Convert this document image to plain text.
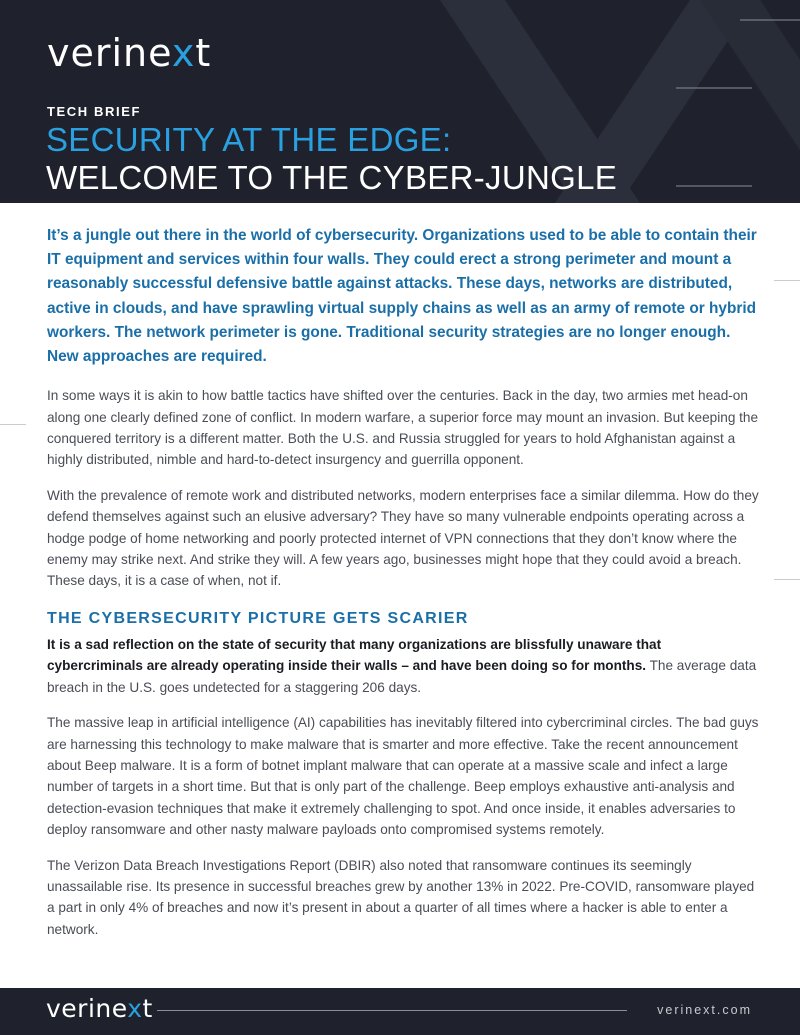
verinext
TECH BRIEF
SECURITY AT THE EDGE:
WELCOME TO THE CYBER-JUNGLE

It’s a jungle out there in the world of cybersecurity. Organizations used to be able to contain their IT equipment and services within four walls. They could erect a strong perimeter and mount a reasonably successful defensive battle against attacks. These days, networks are distributed, active in clouds, and have sprawling virtual supply chains as well as an army of remote or hybrid workers. The network perimeter is gone. Traditional security strategies are no longer enough. New approaches are required.

In some ways it is akin to how battle tactics have shifted over the centuries. Back in the day, two armies met head-on along one clearly defined zone of conflict. In modern warfare, a superior force may mount an invasion. But keeping the conquered territory is a different matter. Both the U.S. and Russia struggled for years to hold Afghanistan against a highly distributed, nimble and hard-to-detect insurgency and guerrilla opponent.

With the prevalence of remote work and distributed networks, modern enterprises face a similar dilemma. How do they defend themselves against such an elusive adversary? They have so many vulnerable endpoints operating across a hodge podge of home networking and poorly protected internet of VPN connections that they don’t know where the enemy may strike next. And strike they will. A few years ago, businesses might hope that they could avoid a breach. These days, it is a case of when, not if.

THE CYBERSECURITY PICTURE GETS SCARIER

It is a sad reflection on the state of security that many organizations are blissfully unaware that cybercriminals are already operating inside their walls – and have been doing so for months. The average data breach in the U.S. goes undetected for a staggering 206 days.

The massive leap in artificial intelligence (AI) capabilities has inevitably filtered into cybercriminal circles. The bad guys are harnessing this technology to make malware that is smarter and more effective. Take the recent announcement about Beep malware. It is a form of botnet implant malware that can operate at a massive scale and infect a large number of targets in a short time. But that is only part of the challenge. Beep employs exhaustive anti-analysis and detection-evasion techniques that make it extremely challenging to spot. And once inside, it enables adversaries to deploy ransomware and other nasty malware payloads onto compromised systems remotely.

The Verizon Data Breach Investigations Report (DBIR) also noted that ransomware continues its seemingly unassailable rise. Its presence in successful breaches grew by another 13% in 2022. Pre-COVID, ransomware played a part in only 4% of breaches and now it’s present in about a quarter of all times where a hacker is able to enter a network.

verinext	verinext.com
